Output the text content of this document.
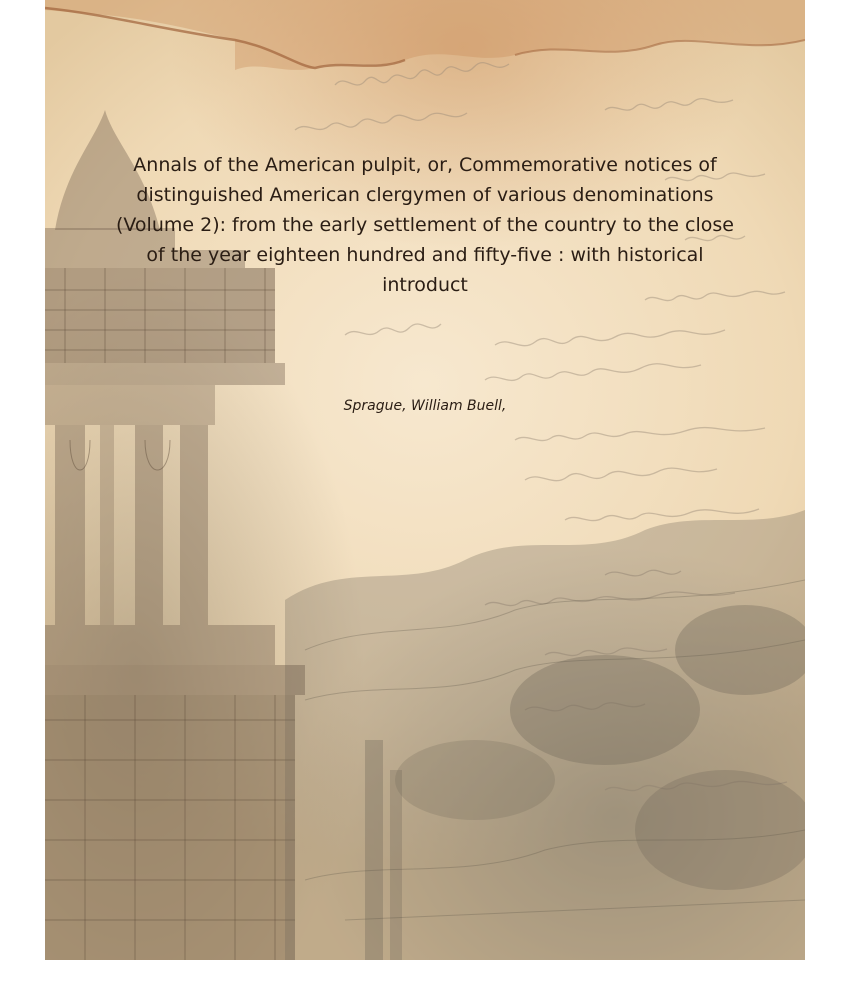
Annals of the American pulpit, or, Commemorative notices of distinguished American clergymen of various denominations (Volume 2): from the early settlement of the country to the close of the year eighteen hundred and fifty-five : with historical introduct

Sprague, William Buell,
